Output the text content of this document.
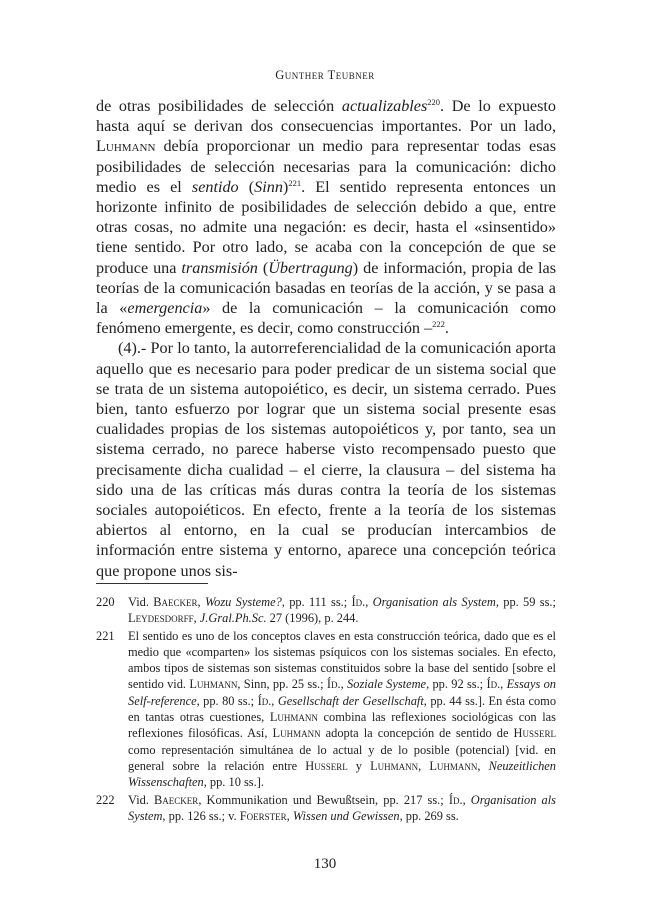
Gunther Teubner

de otras posibilidades de selección actualizables$^{220}$. De lo expuesto hasta aquí se derivan dos consecuencias importantes. Por un lado, Luhmann debía proporcionar un medio para representar todas esas posibilidades de selección necesarias para la comunicación: dicho medio es el sentido (Sinn)$^{221}$. El sentido representa entonces un horizonte infinito de posibilidades de selección debido a que, entre otras cosas, no admite una negación: es decir, hasta el «sinsentido» tiene sentido. Por otro lado, se acaba con la concepción de que se produce una transmisión (Übertragung) de información, propia de las teorías de la comunicación basadas en teorías de la acción, y se pasa a la «emergencia» de la comunicación – la comunicación como fenómeno emergente, es decir, como construcción –$^{222}$.

(4).- Por lo tanto, la autorreferencialidad de la comunicación aporta aquello que es necesario para poder predicar de un sistema social que se trata de un sistema autopoiético, es decir, un sistema cerrado. Pues bien, tanto esfuerzo por lograr que un sistema social presente esas cualidades propias de los sistemas autopoiéticos y, por tanto, sea un sistema cerrado, no parece haberse visto recompensado puesto que precisamente dicha cualidad – el cierre, la clausura – del sistema ha sido una de las críticas más duras contra la teoría de los sistemas sociales autopoiéticos. En efecto, frente a la teoría de los sistemas abiertos al entorno, en la cual se producían intercambios de información entre sistema y entorno, aparece una concepción teórica que propone unos sis-

220	Vid. Baecker, Wozu Systeme?, pp. 111 ss.; Íd., Organisation als System, pp. 59 ss.; Leydesdorff, J.Gral.Ph.Sc. 27 (1996), p. 244.
221	El sentido es uno de los conceptos claves en esta construcción teórica, dado que es el medio que «comparten» los sistemas psíquicos con los sistemas sociales. En efecto, ambos tipos de sistemas son sistemas constituidos sobre la base del sentido [sobre el sentido vid. Luhmann, Sinn, pp. 25 ss.; Íd., Soziale Systeme, pp. 92 ss.; Íd., Essays on Self-reference, pp. 80 ss.; Íd., Gesellschaft der Gesellschaft, pp. 44 ss.]. En ésta como en tantas otras cuestiones, Luhmann combina las reflexiones sociológicas con las reflexiones filosóficas. Así, Luhmann adopta la concepción de sentido de Husserl como representación simultánea de lo actual y de lo posible (potencial) [vid. en general sobre la relación entre Husserl y Luhmann, Luhmann, Neuzeitlichen Wissenschaften, pp. 10 ss.].
222	Vid. Baecker, Kommunikation und Bewußtsein, pp. 217 ss.; Íd., Organisation als System, pp. 126 ss.; v. Foerster, Wissen und Gewissen, pp. 269 ss.
130
